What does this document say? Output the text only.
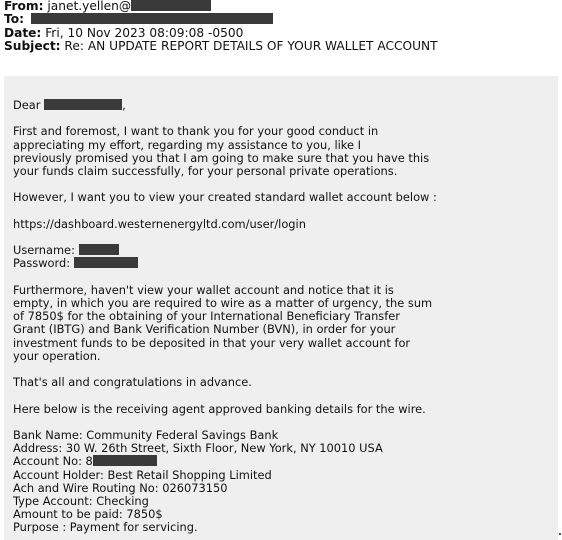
From: janet.yellen@
To:
Date: Fri, 10 Nov 2023 08:09:08 -0500
Subject: Re: AN UPDATE REPORT DETAILS OF YOUR WALLET ACCOUNT

Dear	,

First and foremost, I want to thank you for your good conduct in
appreciating my effort, regarding my assistance to you, like I
previously promised you that I am going to make sure that you have this
your funds claim successfully, for your personal private operations.

However, I want you to view your created standard wallet account below :

https://dashboard.westernenergyltd.com/user/login

Username:

Password:

Furthermore, haven't view your wallet account and notice that it is
empty, in which you are required to wire as a matter of urgency, the sum
of 7850$ for the obtaining of your International Beneficiary Transfer
Grant (IBTG) and Bank Verification Number (BVN), in order for your
investment funds to be deposited in that your very wallet account for
your operation.

That's all and congratulations in advance.

Here below is the receiving agent approved banking details for the wire.

Bank Name: Community Federal Savings Bank

Address: 30 W. 26th Street, Sixth Floor, New York, NY 10010 USA

Account No: 8

Account Holder: Best Retail Shopping Limited

Ach and Wire Routing No: 026073150

Type Account: Checking

Amount to be paid: 7850$

Purpose : Payment for servicing.
